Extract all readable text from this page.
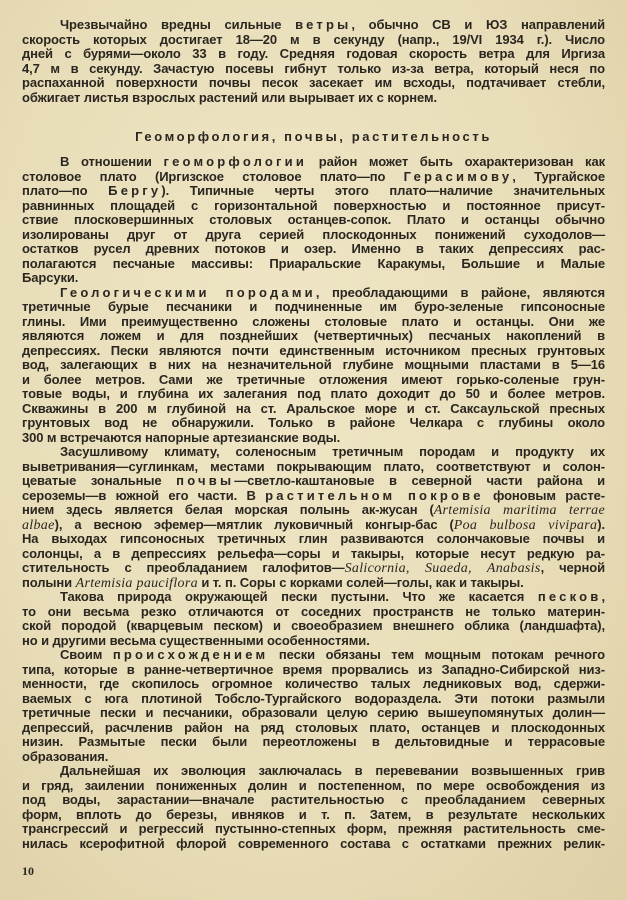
Чрезвычайно вредны сильные ветры, обычно СВ и ЮЗ направлений
скорость которых достигает 18—20 м в секунду (напр., 19/VI 1934 г.). Число
дней с бурями—около 33 в году. Средняя годовая скорость ветра для Иргиза
4,7 м в секунду. Зачастую посевы гибнут только из-за ветра, который неся по
распаханной поверхности почвы песок засекает им всходы, подтачивает стебли,
обжигает листья взрослых растений или вырывает их с корнем.
Геоморфология, почвы, растительность
В отношении геоморфологии район может быть охарактеризован как
столовое плато (Иргизское столовое плато—по Герасимову, Тургайское
плато—по Бергу). Типичные черты этого плато—наличие значительных
равнинных площадей с горизонтальной поверхностью и постоянное присут-
ствие плосковершинных столовых останцев-сопок. Плато и останцы обычно
изолированы друг от друга серией плоскодонных понижений суходолов—
остатков русел древних потоков и озер. Именно в таких депрессиях рас-
полагаются песчаные массивы: Приаральские Каракумы, Большие и Малые
Барсуки.
Геологическими породами, преобладающими в районе, являются
третичные бурые песчаники и подчиненные им буро-зеленые гипсоносные
глины. Ими преимущественно сложены столовые плато и останцы. Они же
являются ложем и для позднейших (четвертичных) песчаных накоплений в
депрессиях. Пески являются почти единственным источником пресных грунтовых
вод, залегающих в них на незначительной глубине мощными пластами в 5—16
и более метров. Сами же третичные отложения имеют горько-соленые грун-
товые воды, и глубина их залегания под плато доходит до 50 и более метров.
Скважины в 200 м глубиной на ст. Аральское море и ст. Саксаульской пресных
грунтовых вод не обнаружили. Только в районе Челкара с глубины около
300 м встречаются напорные артезианские воды.
Засушливому климату, соленосным третичным породам и продукту их
выветривания—суглинкам, местами покрывающим плато, соответствуют и солон-
цеватые зональные почвы—светло-каштановые в северной части района и
сероземы—в южной его части. В растительном покрове фоновым расте-
нием здесь является белая морская полынь ак-жусан (Artemisia maritima terrae
albae), а весною эфемер—мятлик луковичный конгыр-бас (Poa bulbosa vivipara).
На выходах гипсоносных третичных глин развиваются солончаковые почвы и
солонцы, а в депрессиях рельефа—соры и такыры, которые несут редкую ра-
стительность с преобладанием галофитов—Salicornia, Suaeda, Anabasis, черной
полыни Artemisia pauciflora и т. п. Соры с корками солей—голы, как и такыры.
Такова природа окружающей пески пустыни. Что же касается песков,
то они весьма резко отличаются от соседних пространств не только материн-
ской породой (кварцевым песком) и своеобразием внешнего облика (ландшафта),
но и другими весьма существенными особенностями.
Своим происхождением пески обязаны тем мощным потокам речного
типа, которые в ранне-четвертичное время прорвались из Западно-Сибирской низ-
менности, где скопилось огромное количество талых ледниковых вод, сдержи-
ваемых с юга плотиной Тобсло-Тургайского водораздела. Эти потоки размыли
третичные пески и песчаники, образовали целую серию вышеупомянутых долин—
депрессий, расчленив район на ряд столовых плато, останцев и плоскодонных
низин. Размытые пески были переотложены в дельтовидные и террасовые
образования.
Дальнейшая их эволюция заключалась в перевевании возвышенных грив
и гряд, заилении пониженных долин и постепенном, по мере освобождения из
под воды, зарастании—вначале растительностью с преобладанием северных
форм, вплоть до березы, ивняков и т. п. Затем, в результате нескольких
трансгрессий и регрессий пустынно-степных форм, прежняя растительность сме-
нилась ксерофитной флорой современного состава с остатками прежних релик-
10
